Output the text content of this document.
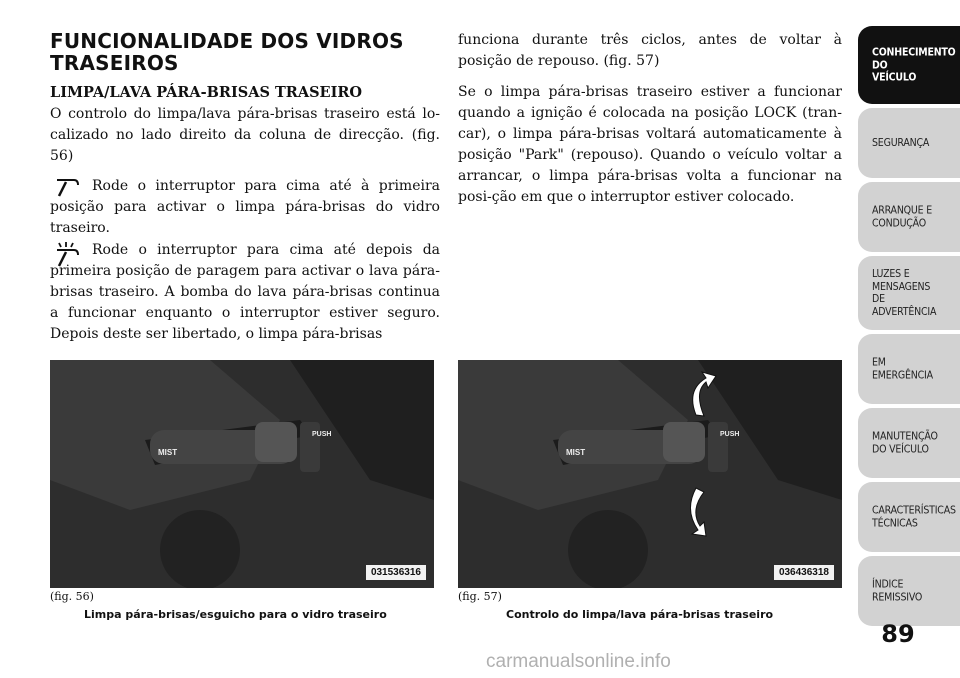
FUNCIONALIDADE DOS VIDROS TRASEIROS
LIMPA/LAVA PÁRA-BRISAS TRASEIRO

O controlo do limpa/lava pára-brisas traseiro está lo-calizado no lado direito da coluna de direcção. (fig. 56)

Rode o interruptor para cima até à primeira posição para activar o limpa pára-brisas do vidro traseiro.

Rode o interruptor para cima até depois da primeira posição de paragem para activar o lava pára-brisas traseiro. A bomba do lava pára-brisas continua a funcionar enquanto o interruptor estiver seguro. Depois deste ser libertado, o limpa pára-brisas

funciona durante três ciclos, antes de voltar à posição de repouso. (fig. 57)

Se o limpa pára-brisas traseiro estiver a funcionar quando a ignição é colocada na posição LOCK (tran-car), o limpa pára-brisas voltará automaticamente à posição "Park" (repouso). Quando o veículo voltar a arrancar, o limpa pára-brisas volta a funcionar na posi-ção em que o interruptor estiver colocado.

MIST
PUSH
031536316
(fig. 56)
Limpa pára-brisas/esguicho para o vidro traseiro
MIST
PUSH
036436318
(fig. 57)
Controlo do limpa/lava pára-brisas traseiro
CONHECIMENTO
DO
VEÍCULO
SEGURANÇA
ARRANQUE E
CONDUÇÃO
LUZES E
MENSAGENS
DE
ADVERTÊNCIA
EM
EMERGÊNCIA
MANUTENÇÃO
DO VEÍCULO
CARACTERÍSTICAS
TÉCNICAS
ÍNDICE
REMISSIVO
89
carmanualsonline.info
